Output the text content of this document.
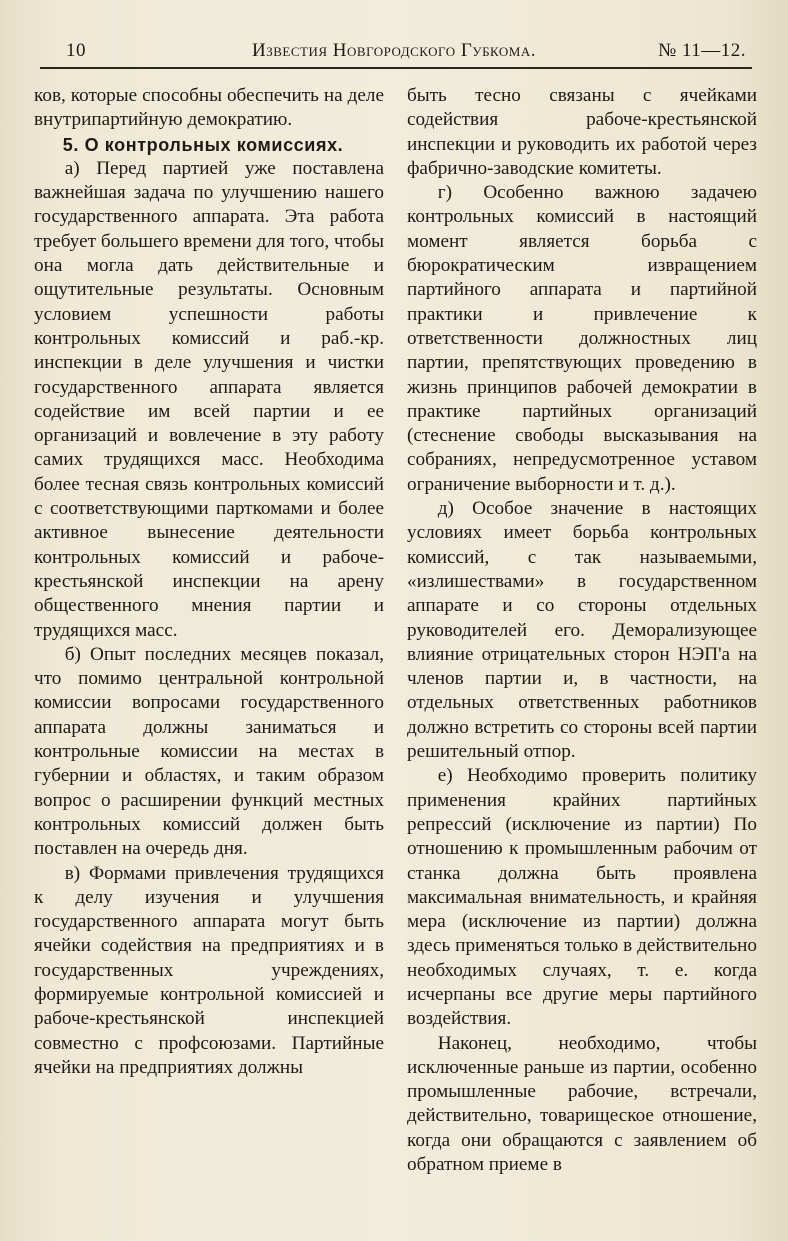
Известия Новгородского Губкома.
10	№ 11—12.

ков, которые способны обеспечить на деле внутрипартийную демократию.

5. О контрольных комиссиях.

а) Перед партией уже поставлена важнейшая задача по улучшению нашего государственного аппарата. Эта работа требует большего времени для того, чтобы она могла дать действительные и ощутительные результаты. Основным условием успешности работы контрольных комиссий и раб.-кр. инспекции в деле улучшения и чистки государственного аппарата является содействие им всей партии и ее организаций и вовлечение в эту работу самих трудящихся масс. Необходима более тесная связь контрольных комиссий с соответствующими парткомами и более активное вынесение деятельности контрольных комиссий и рабоче-крестьянской инспекции на арену общественного мнения партии и трудящихся масс.

б) Опыт последних месяцев показал, что помимо центральной контрольной комиссии вопросами государственного аппарата должны заниматься и контрольные комиссии на местах в губернии и областях, и таким образом вопрос о расширении функций местных контрольных комиссий должен быть поставлен на очередь дня.

в) Формами привлечения трудящихся к делу изучения и улучшения государственного аппарата могут быть ячейки содействия на предприятиях и в государственных учреждениях, формируемые контрольной комиссией и рабоче-крестьянской инспекцией совместно с профсоюзами. Партийные ячейки на предприятиях должны

быть тесно связаны с ячейками содействия рабоче-крестьянской инспекции и руководить их работой через фабрично-заводские комитеты.

г) Особенно важною задачею контрольных комиссий в настоящий момент является борьба с бюрократическим извращением партийного аппарата и партийной практики и привлечение к ответственности должностных лиц партии, препятствующих проведению в жизнь принципов рабочей демократии в практике партийных организаций (стеснение свободы высказывания на собраниях, непредусмотренное уставом ограничение выборности и т. д.).

д) Особое значение в настоящих условиях имеет борьба контрольных комиссий, с так называемыми, «излишествами» в государственном аппарате и со стороны отдельных руководителей его. Деморализующее влияние отрицательных сторон НЭП'а на членов партии и, в частности, на отдельных ответственных работников должно встретить со стороны всей партии решительный отпор.

е) Необходимо проверить политику применения крайних партийных репрессий (исключение из партии) По отношению к промышленным рабочим от станка должна быть проявлена максимальная внимательность, и крайняя мера (исключение из партии) должна здесь применяться только в действительно необходимых случаях, т. е. когда исчерпаны все другие меры партийного воздействия.

Наконец, необходимо, чтобы исключенные раньше из партии, особенно промышленные рабочие, встречали, действительно, товарищеское отношение, когда они обращаются с заявлением об обратном приеме в
